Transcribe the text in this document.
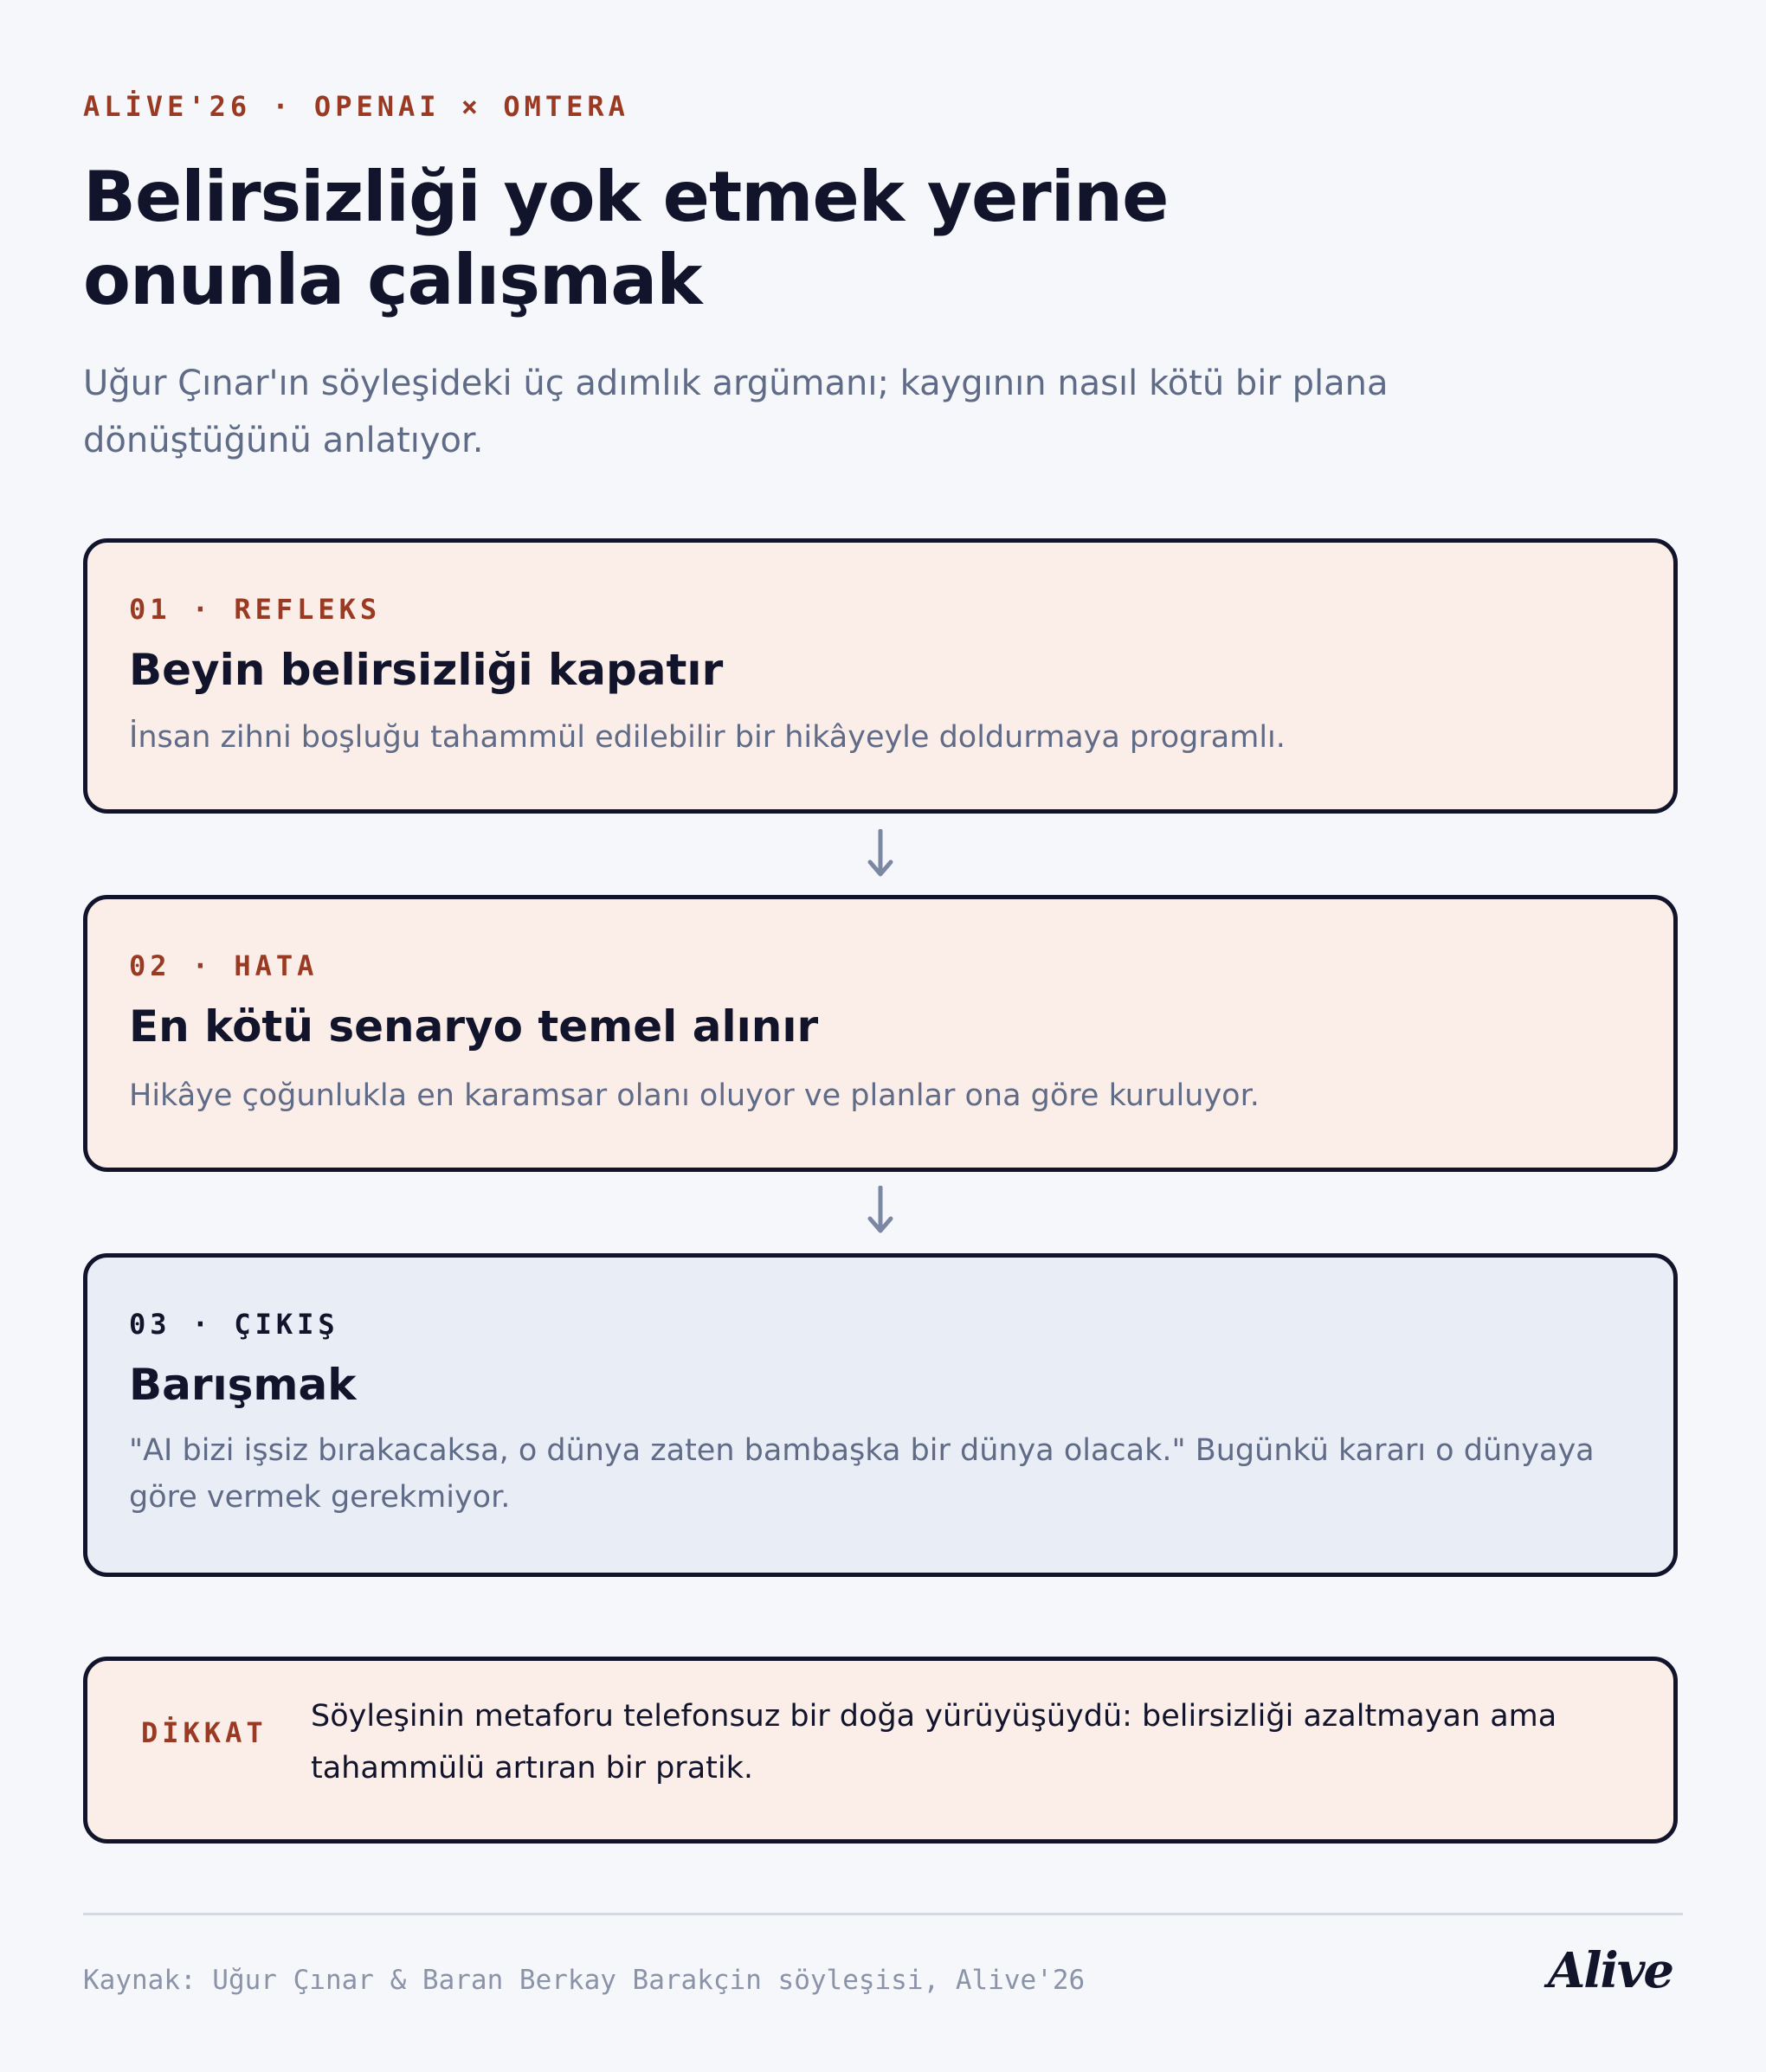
ALİVE'26 · OPENAI × OMTERA
Belirsizliği yok etmek yerine
onunla çalışmak

Uğur Çınar'ın söyleşideki üç adımlık argümanı; kaygının nasıl kötü bir plana dönüştüğünü anlatıyor.

01 · REFLEKS
Beyin belirsizliği kapatır
İnsan zihni boşluğu tahammül edilebilir bir hikâyeyle doldurmaya programlı.
02 · HATA
En kötü senaryo temel alınır
Hikâye çoğunlukla en karamsar olanı oluyor ve planlar ona göre kuruluyor.
03 · ÇIKIŞ
Barışmak
"AI bizi işsiz bırakacaksa, o dünya zaten bambaşka bir dünya olacak." Bugünkü kararı o dünyaya göre vermek gerekmiyor.
DİKKAT Söyleşinin metaforu telefonsuz bir doğa yürüyüşüydü: belirsizliği azaltmayan ama tahammülü artıran bir pratik.
Kaynak: Uğur Çınar & Baran Berkay Barakçin söyleşisi, Alive'26	Alive
